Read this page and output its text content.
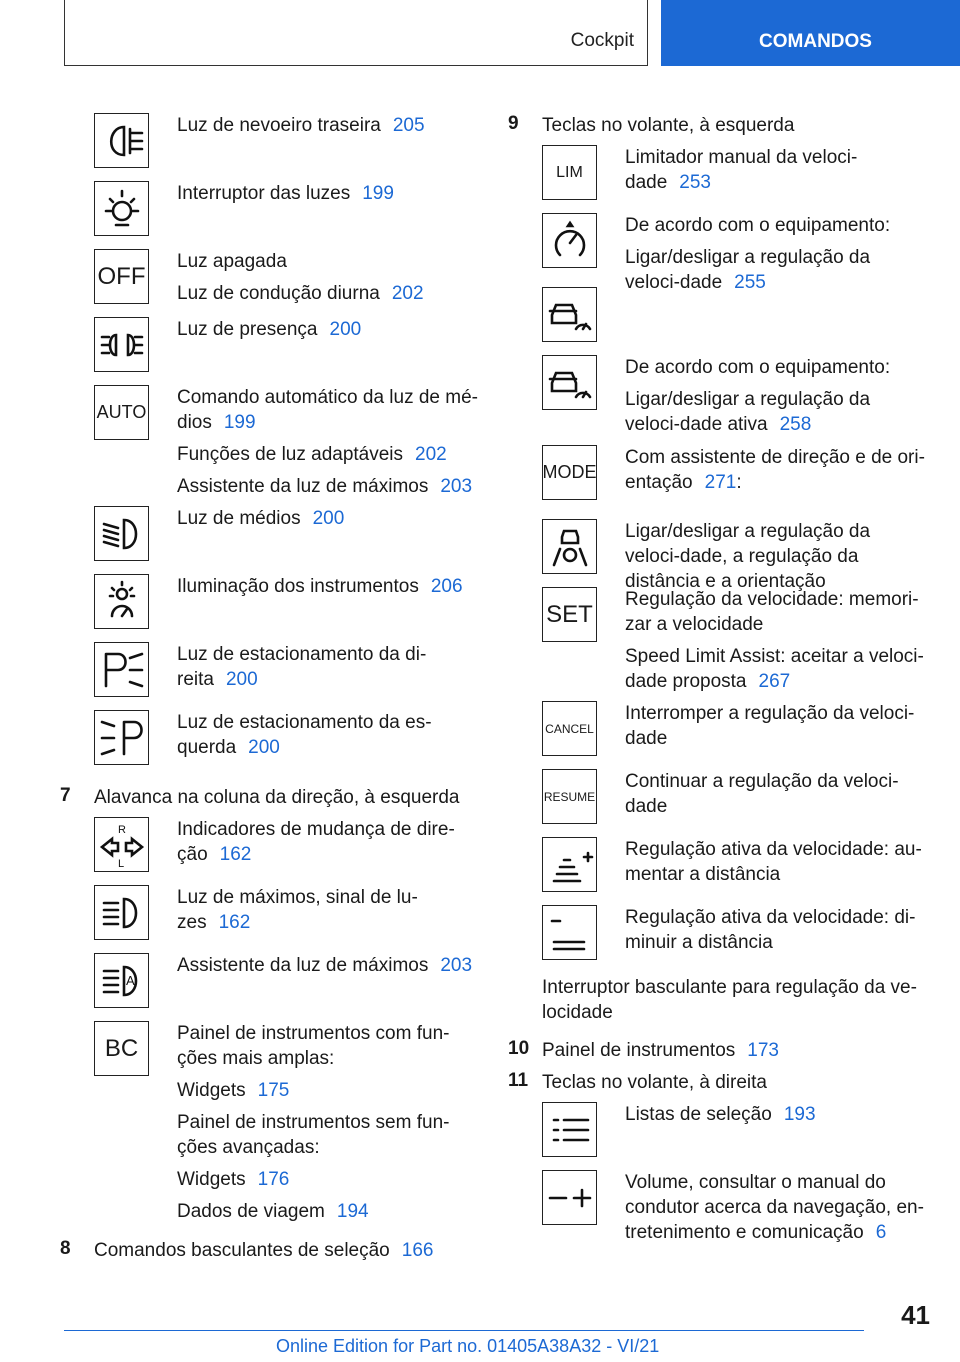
Cockpit	COMANDOS

Luz de nevoeiro traseira 205

Interruptor das luzes 199

OFF

Luz apagada

Luz de condução diurna 202

Luz de presença 200

AUTO

Comando automático da luz de mé-dios 199

Funções de luz adaptáveis 202

Assistente da luz de máximos 203

Luz de médios 200

Iluminação dos instrumentos 206

Luz de estacionamento da di-reita 200

Luz de estacionamento da es-querda 200

7 Alavanca na coluna da direção, à esquerda
R
L

Indicadores de mudança de dire-ção 162

Luz de máximos, sinal de lu-zes 162

A

Assistente da luz de máximos 203

BC

Painel de instrumentos com fun-ções mais amplas:

Widgets 175

Painel de instrumentos sem fun-ções avançadas:

Widgets 176

Dados de viagem 194

8 Comandos basculantes de seleção 166
9 Teclas no volante, à esquerda
LIM

Limitador manual da veloci-dade 253

De acordo com o equipamento:

Ligar/desligar a regulação da veloci-dade 255

De acordo com o equipamento:

Ligar/desligar a regulação da veloci-dade ativa 258

MODE

Com assistente de direção e de ori-entação 271:

Ligar/desligar a regulação da veloci-dade, a regulação da distância e a orientação

SET

Regulação da velocidade: memori-zar a velocidade

Speed Limit Assist: aceitar a veloci-dade proposta 267

CANCEL

Interromper a regulação da veloci-dade

RESUME

Continuar a regulação da veloci-dade

Regulação ativa da velocidade: au-mentar a distância

Regulação ativa da velocidade: di-minuir a distância

Interruptor basculante para regulação da ve-locidade
10 Painel de instrumentos 173
11 Teclas no volante, à direita

Listas de seleção 193

Volume, consultar o manual do condutor acerca da navegação, en-tretenimento e comunicação 6

41
Online Edition for Part no. 01405A38A32 - VI/21
